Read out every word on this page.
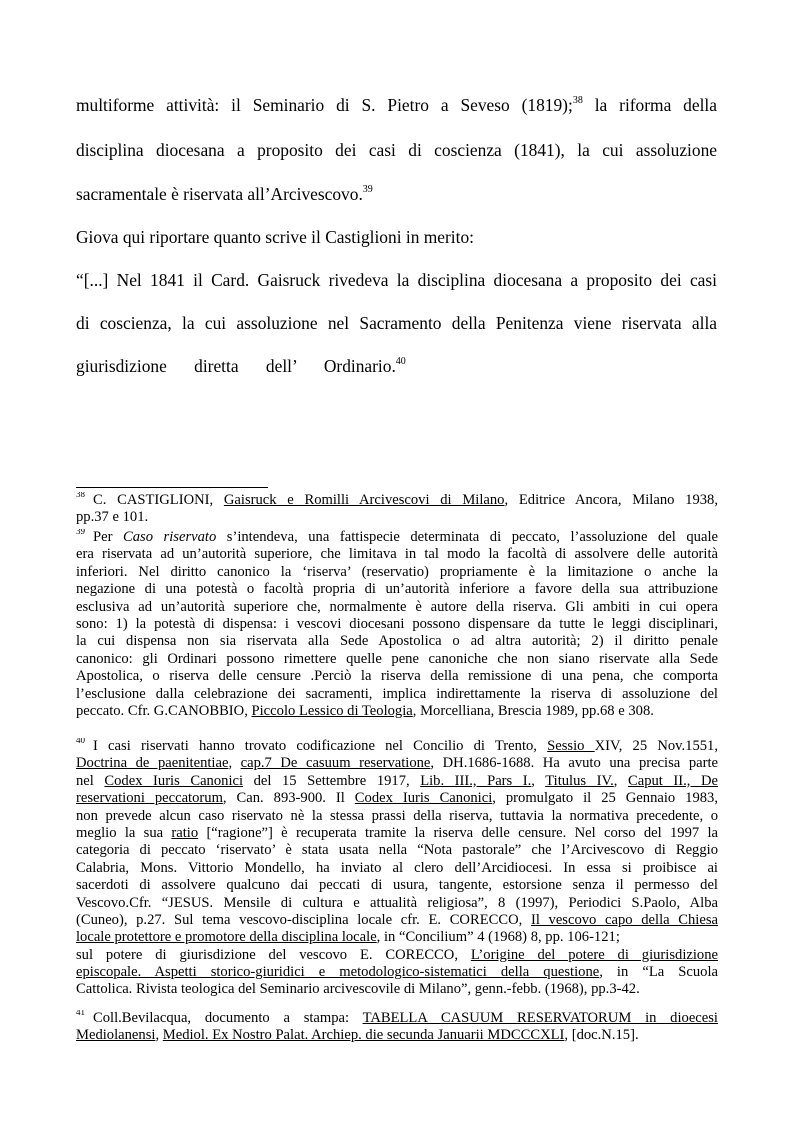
multiforme attività: il Seminario di S. Pietro a Seveso (1819);$^{38}$ la riforma della
disciplina diocesana a proposito dei casi di coscienza (1841), la cui assoluzione
sacramentale è riservata all’Arcivescovo.$^{39}$
Giova qui riportare quanto scrive il Castiglioni in merito:
“[...] Nel 1841 il Card. Gaisruck rivedeva la disciplina diocesana a proposito dei casi
di coscienza, la cui assoluzione nel Sacramento della Penitenza viene riservata alla
giurisdizione diretta dell’ Ordinario.$^{40}$
$^{38}$ C. CASTIGLIONI, Gaisruck e Romilli Arcivescovi di Milano, Editrice Ancora, Milano 1938,
pp.37 e 101.
$^{39}$ Per Caso riservato s’intendeva, una fattispecie determinata di peccato, l’assoluzione del quale
era riservata ad un’autorità superiore, che limitava in tal modo la facoltà di assolvere delle autorità
inferiori. Nel diritto canonico la ‘riserva’ (reservatio) propriamente è la limitazione o anche la
negazione di una potestà o facoltà propria di un’autorità inferiore a favore della sua attribuzione
esclusiva ad un’autorità superiore che, normalmente è autore della riserva. Gli ambiti in cui opera
sono: 1) la potestà di dispensa: i vescovi diocesani possono dispensare da tutte le leggi disciplinari,
la cui dispensa non sia riservata alla Sede Apostolica o ad altra autorità; 2) il diritto penale
canonico: gli Ordinari possono rimettere quelle pene canoniche che non siano riservate alla Sede
Apostolica, o riserva delle censure .Perciò la riserva della remissione di una pena, che comporta
l’esclusione dalla celebrazione dei sacramenti, implica indirettamente la riserva di assoluzione del
peccato. Cfr. G.CANOBBIO, Piccolo Lessico di Teologia, Morcelliana, Brescia 1989, pp.68 e 308.
$^{40}$ I casi riservati hanno trovato codificazione nel Concilio di Trento, Sessio XIV, 25 Nov.1551,
Doctrina de paenitentiae, cap.7 De casuum reservatione, DH.1686-1688. Ha avuto una precisa parte
nel Codex Iuris Canonici del 15 Settembre 1917, Lib. III., Pars I., Titulus IV., Caput II., De
reservationi peccatorum, Can. 893-900. Il Codex Iuris Canonici, promulgato il 25 Gennaio 1983,
non prevede alcun caso riservato nè la stessa prassi della riserva, tuttavia la normativa precedente, o
meglio la sua ratio [“ragione”] è recuperata tramite la riserva delle censure. Nel corso del 1997 la
categoria di peccato ‘riservato’ è stata usata nella “Nota pastorale” che l’Arcivescovo di Reggio
Calabria, Mons. Vittorio Mondello, ha inviato al clero dell’Arcidiocesi. In essa si proibisce ai
sacerdoti di assolvere qualcuno dai peccati di usura, tangente, estorsione senza il permesso del
Vescovo.Cfr. “JESUS. Mensile di cultura e attualità religiosa”, 8 (1997), Periodici S.Paolo, Alba
(Cuneo), p.27. Sul tema vescovo-disciplina locale cfr. E. CORECCO, Il vescovo capo della Chiesa
locale protettore e promotore della disciplina locale, in “Concilium” 4 (1968) 8, pp. 106-121;
sul potere di giurisdizione del vescovo E. CORECCO, L’origine del potere di giurisdizione
episcopale. Aspetti storico-giuridici e metodologico-sistematici della questione, in “La Scuola
Cattolica. Rivista teologica del Seminario arcivescovile di Milano”, genn.-febb. (1968), pp.3-42.
$^{41}$ Coll.Bevilacqua, documento a stampa: TABELLA CASUUM RESERVATORUM in dioecesi
Mediolanensi, Mediol. Ex Nostro Palat. Archiep. die secunda Januarii MDCCCXLI, [doc.N.15].
